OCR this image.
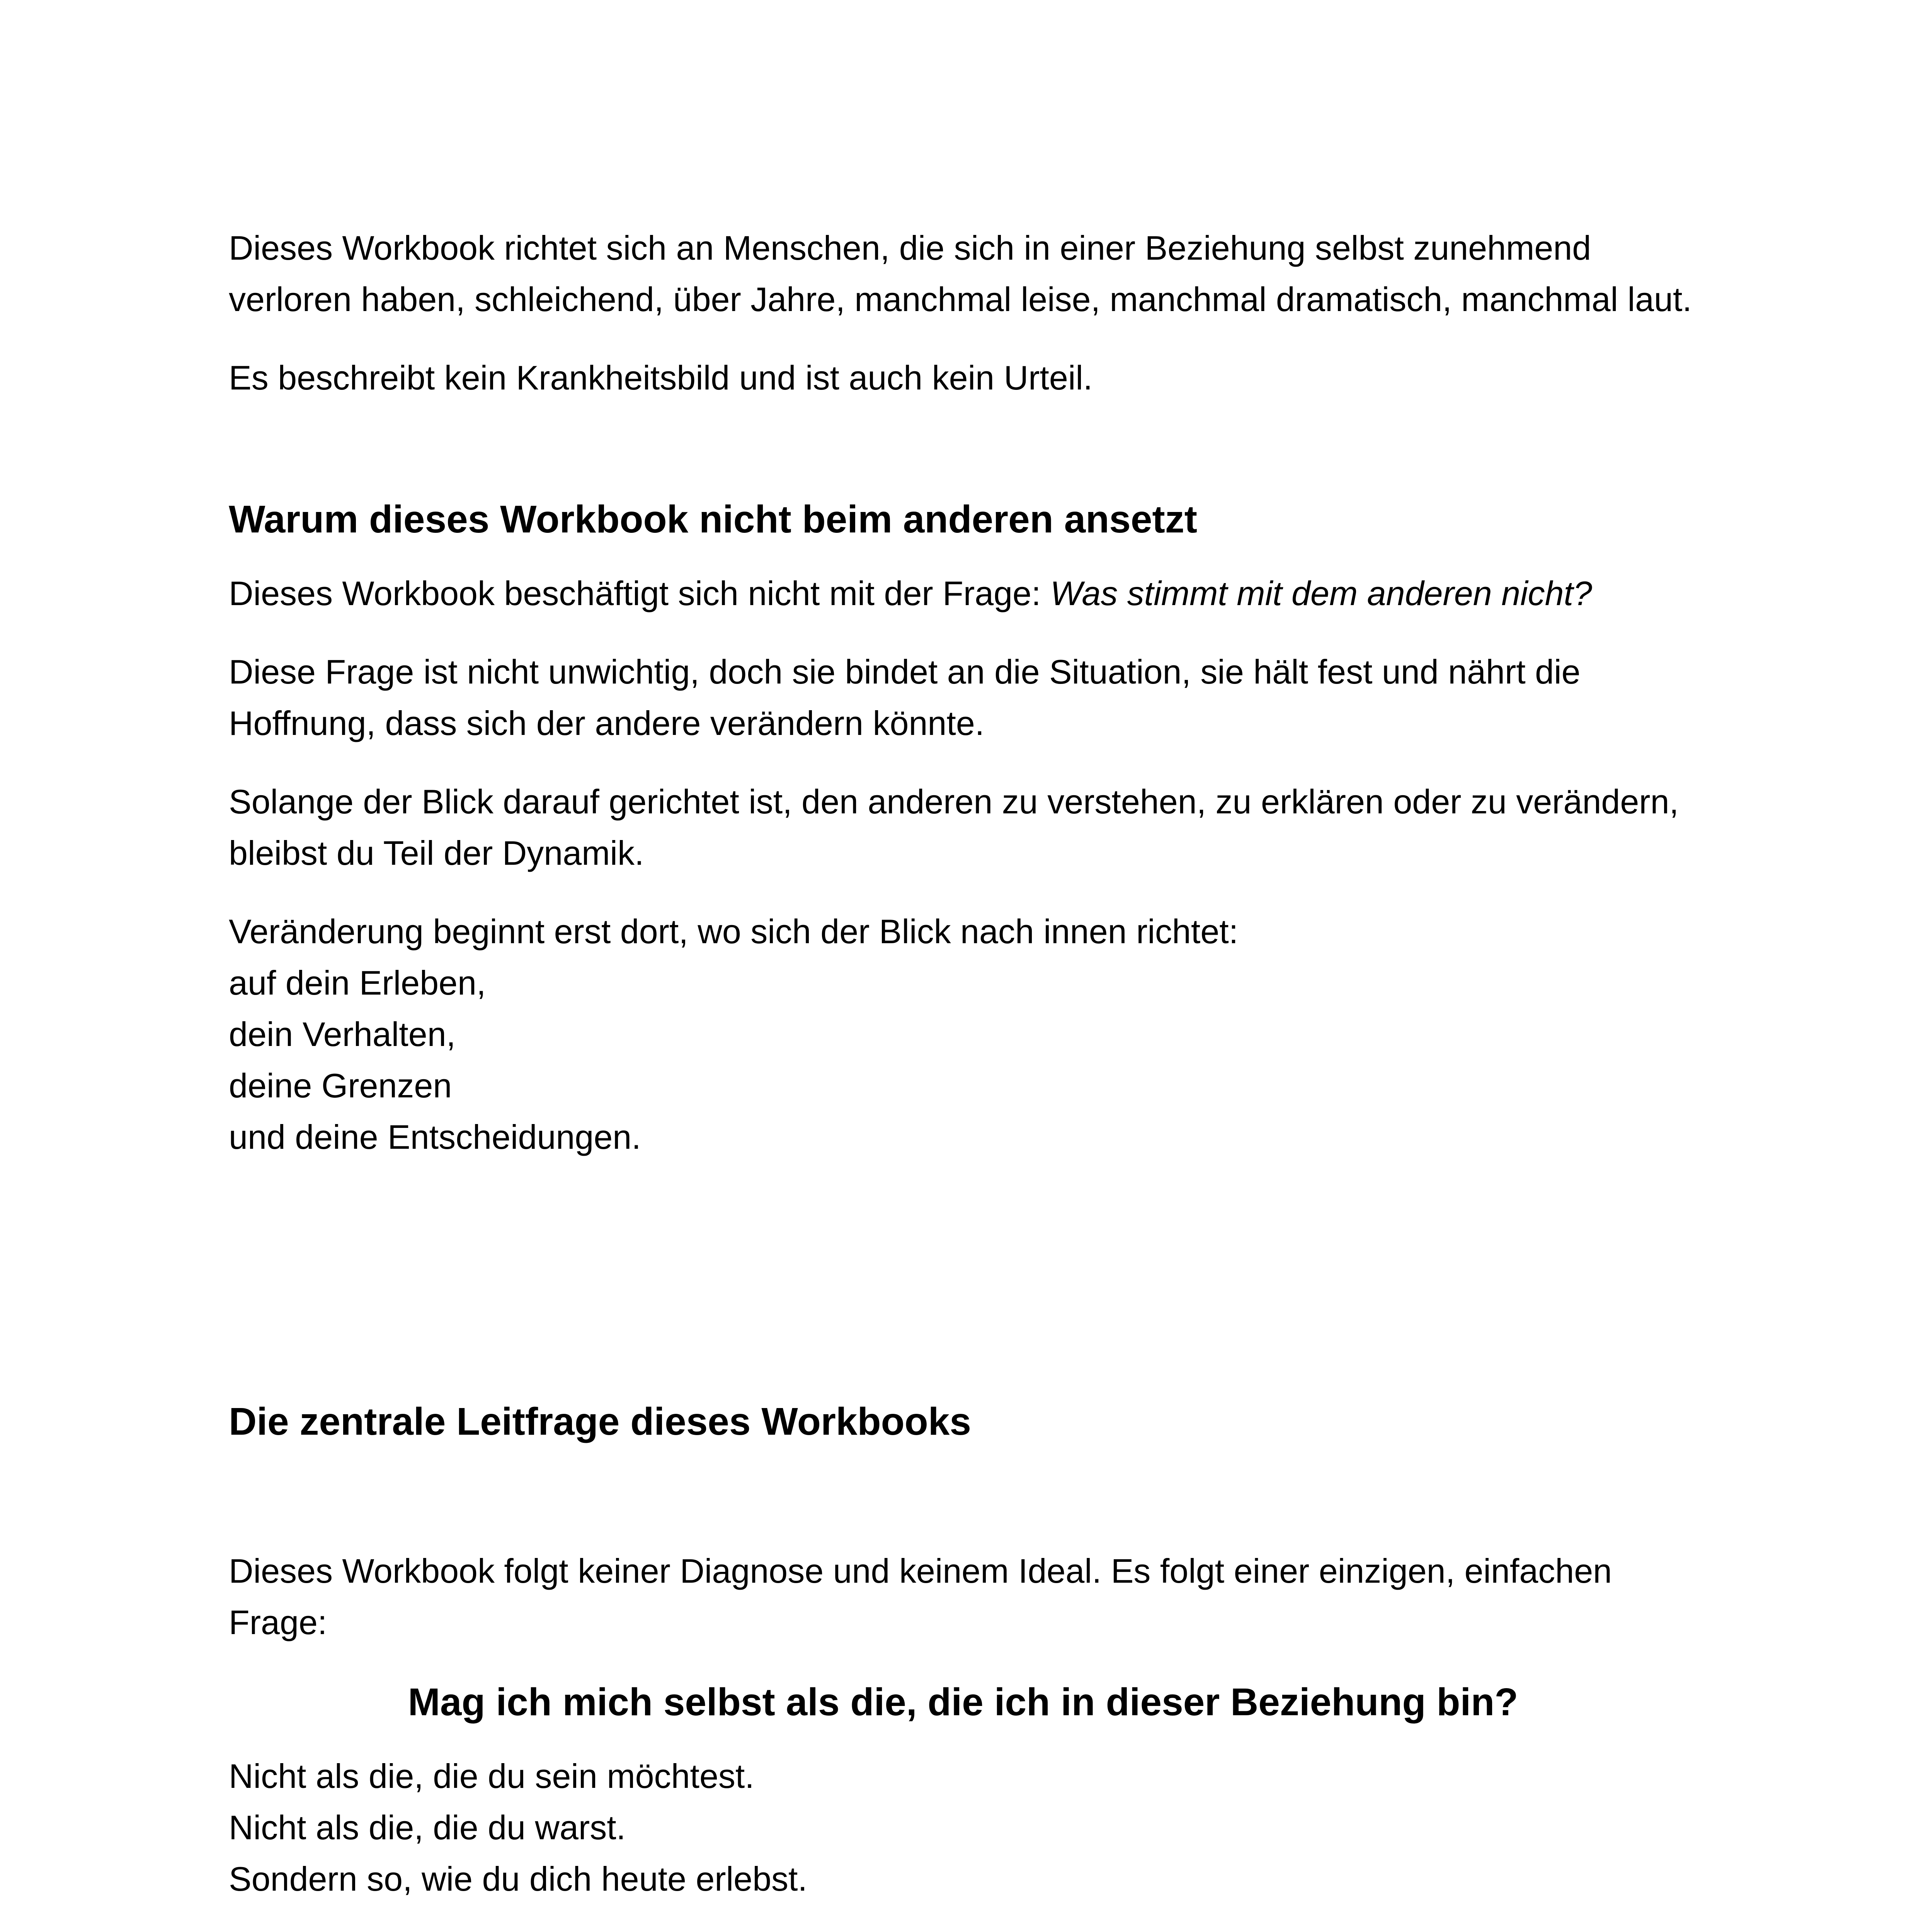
Dieses Workbook richtet sich an Menschen, die sich in einer Beziehung selbst zunehmend verloren haben, schleichend, über Jahre, manchmal leise, manchmal dramatisch, manchmal laut.

Es beschreibt kein Krankheitsbild und ist auch kein Urteil.

Warum dieses Workbook nicht beim anderen ansetzt

Dieses Workbook beschäftigt sich nicht mit der Frage: Was stimmt mit dem anderen nicht?

Diese Frage ist nicht unwichtig, doch sie bindet an die Situation, sie hält fest und nährt die Hoffnung, dass sich der andere verändern könnte.

Solange der Blick darauf gerichtet ist, den anderen zu verstehen, zu erklären oder zu verändern, bleibst du Teil der Dynamik.

Veränderung beginnt erst dort, wo sich der Blick nach innen richtet:
auf dein Erleben,
dein Verhalten,
deine Grenzen
und deine Entscheidungen.

Die zentrale Leitfrage dieses Workbooks

Dieses Workbook folgt keiner Diagnose und keinem Ideal. Es folgt einer einzigen, einfachen Frage:

Mag ich mich selbst als die, die ich in dieser Beziehung bin?

Nicht als die, die du sein möchtest.
Nicht als die, die du warst.
Sondern so, wie du dich heute erlebst.
